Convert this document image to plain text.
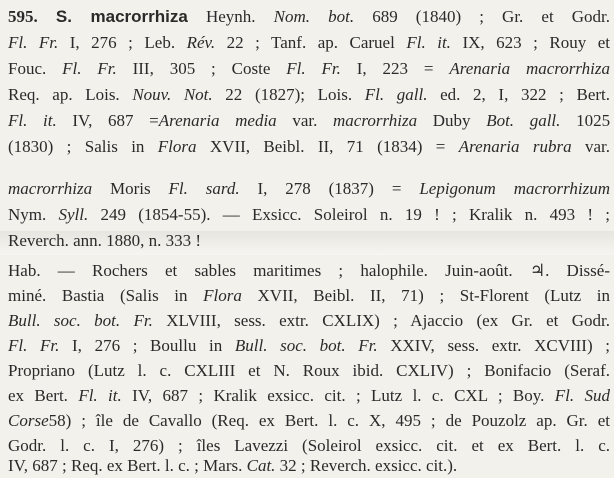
595. S. macrorrhiza Heynh. Nom. bot. 689 (1840) ; Gr. et Godr.
Fl. Fr. I, 276 ; Leb. Rév. 22 ; Tanf. ap. Caruel Fl. it. IX, 623 ; Rouy et
Fouc. Fl. Fr. III, 305 ; Coste Fl. Fr. I, 223 = Arenaria macrorrhiza
Req. ap. Lois. Nouv. Not. 22 (1827); Lois. Fl. gall. ed. 2, I, 322 ; Bert.
Fl. it. IV, 687 =Arenaria media var. macrorrhiza Duby Bot. gall. 1025
(1830) ; Salis in Flora XVII, Beibl. II, 71 (1834) = Arenaria rubra var.
macrorrhiza Moris Fl. sard. I, 278 (1837) = Lepigonum macrorrhizum
Nym. Syll. 249 (1854-55). — Exsicc. Soleirol n. 19 ! ; Kralik n. 493 ! ;
Reverch. ann. 1880, n. 333 !
Hab. — Rochers et sables maritimes ; halophile. Juin-août. ♃. Dissé-
miné. Bastia (Salis in Flora XVII, Beibl. II, 71) ; St-Florent (Lutz in
Bull. soc. bot. Fr. XLVIII, sess. extr. CXLIX) ; Ajaccio (ex Gr. et Godr.
Fl. Fr. I, 276 ; Boullu in Bull. soc. bot. Fr. XXIV, sess. extr. XCVIII) ;
Propriano (Lutz l. c. CXLIII et N. Roux ibid. CXLIV) ; Bonifacio (Seraf.
ex Bert. Fl. it. IV, 687 ; Kralik exsicc. cit. ; Lutz l. c. CXL ; Boy. Fl. Sud
Corse58) ; île de Cavallo (Req. ex Bert. l. c. X, 495 ; de Pouzolz ap. Gr. et
Godr. l. c. I, 276) ; îles Lavezzi (Soleirol exsicc. cit. et ex Bert. l. c.
IV, 687 ; Req. ex Bert. l. c. ; Mars. Cat. 32 ; Reverch. exsicc. cit.).
